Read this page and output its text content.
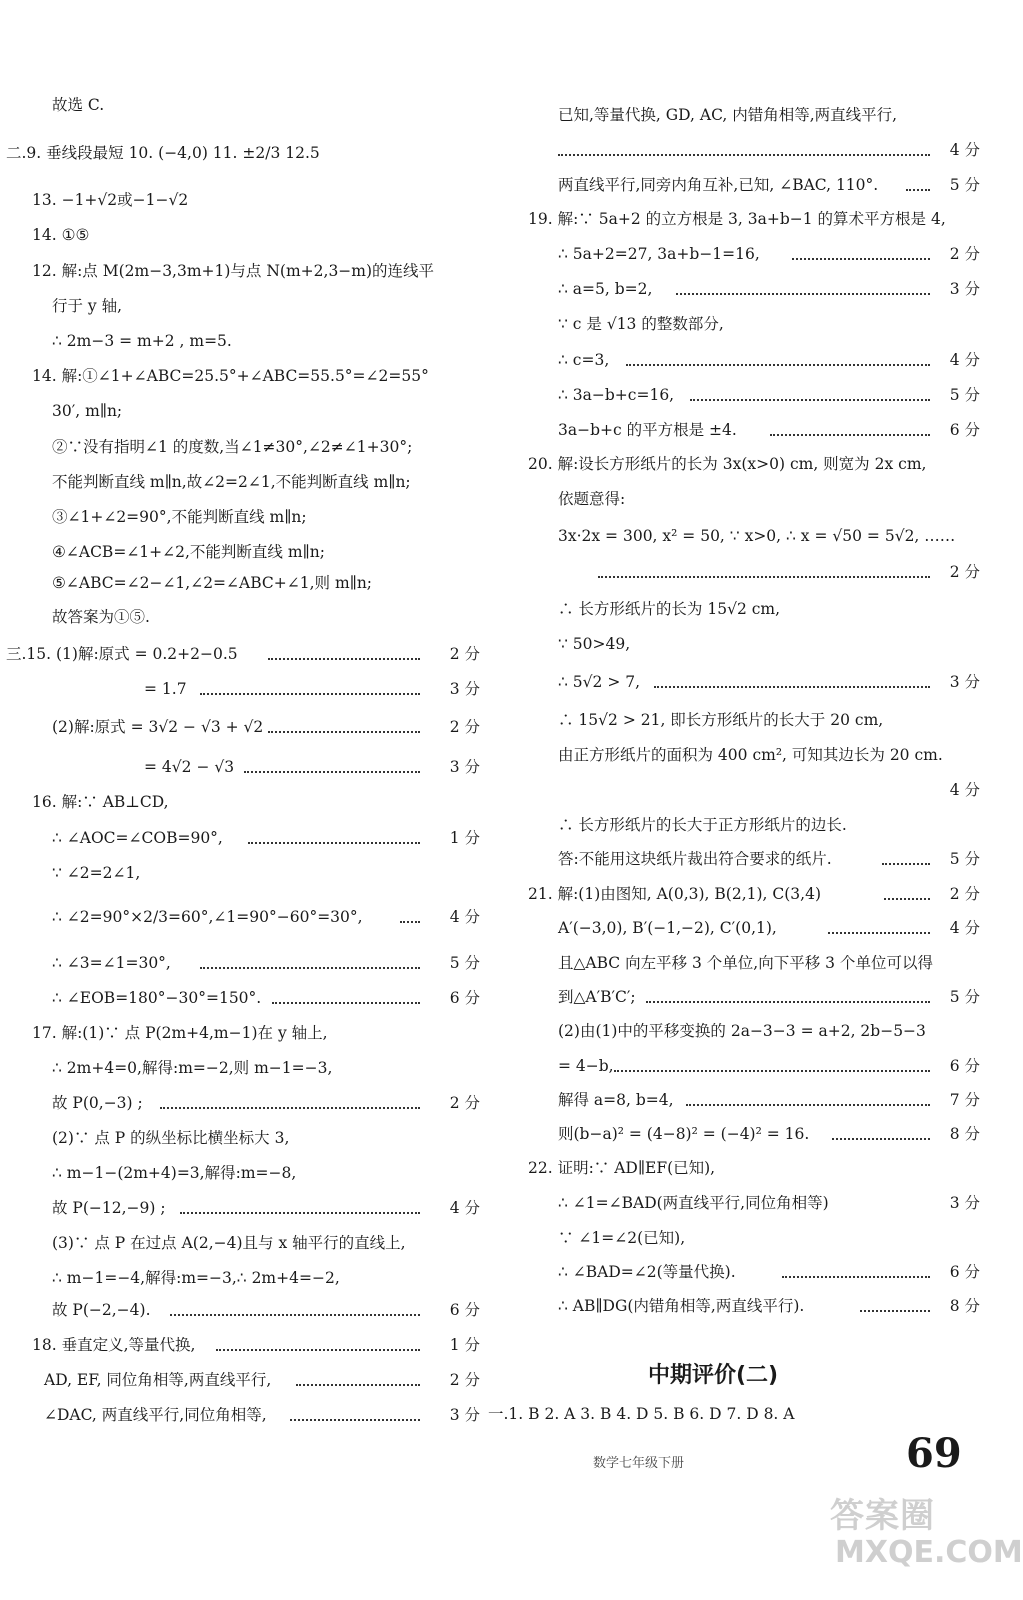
故选 C.
二.9. 垂线段最短 10. (−4,0) 11. ±2/3 12.5
13. −1+√2或−1−√2
14. ①⑤
12. 解:点 M(2m−3,3m+1)与点 N(m+2,3−m)的连线平
行于 y 轴,
∴ 2m−3 = m+2 , m=5.
14. 解:①∠1+∠ABC=25.5°+∠ABC=55.5°=∠2=55°
30′, m∥n;
②∵没有指明∠1 的度数,当∠1≠30°,∠2≠∠1+30°;
不能判断直线 m∥n,故∠2=2∠1,不能判断直线 m∥n;
③∠1+∠2=90°,不能判断直线 m∥n;
④∠ACB=∠1+∠2,不能判断直线 m∥n;
⑤∠ABC=∠2−∠1,∠2=∠ABC+∠1,则 m∥n;
故答案为①⑤.
三.15. (1)解:原式 = 0.2+2−0.5	2 分
= 1.7	3 分
(2)解:原式 = 3√2 − √3 + √2	2 分
= 4√2 − √3	3 分
16. 解:∵ AB⊥CD,
∴ ∠AOC=∠COB=90°,	1 分
∵ ∠2=2∠1,
∴ ∠2=90°×2/3=60°,∠1=90°−60°=30°,	4 分
∴ ∠3=∠1=30°,	5 分
∴ ∠EOB=180°−30°=150°.	6 分
17. 解:(1)∵ 点 P(2m+4,m−1)在 y 轴上,
∴ 2m+4=0,解得:m=−2,则 m−1=−3,
故 P(0,−3) ;	2 分
(2)∵ 点 P 的纵坐标比横坐标大 3,
∴ m−1−(2m+4)=3,解得:m=−8,
故 P(−12,−9) ;	4 分
(3)∵ 点 P 在过点 A(2,−4)且与 x 轴平行的直线上,
∴ m−1=−4,解得:m=−3,∴ 2m+4=−2,
故 P(−2,−4).	6 分
18. 垂直定义,等量代换,	1 分
AD, EF, 同位角相等,两直线平行,	2 分
∠DAC, 两直线平行,同位角相等,	3 分
已知,等量代换, GD, AC, 内错角相等,两直线平行,
4 分
两直线平行,同旁内角互补,已知, ∠BAC, 110°.	5 分
19. 解:∵ 5a+2 的立方根是 3, 3a+b−1 的算术平方根是 4,
∴ 5a+2=27, 3a+b−1=16,	2 分
∴ a=5, b=2,	3 分
∵ c 是 √13 的整数部分,
∴ c=3,	4 分
∴ 3a−b+c=16,	5 分
3a−b+c 的平方根是 ±4.	6 分
20. 解:设长方形纸片的长为 3x(x>0) cm, 则宽为 2x cm,
依题意得:
3x·2x = 300, x² = 50, ∵ x>0, ∴ x = √50 = 5√2, ……
2 分
∴ 长方形纸片的长为 15√2 cm,
∵ 50>49,
∴ 5√2 > 7,	3 分
∴ 15√2 > 21, 即长方形纸片的长大于 20 cm,
由正方形纸片的面积为 400 cm², 可知其边长为 20 cm.
4 分
∴ 长方形纸片的长大于正方形纸片的边长.
答:不能用这块纸片裁出符合要求的纸片.	5 分
21. 解:(1)由图知, A(0,3), B(2,1), C(3,4)	2 分
A′(−3,0), B′(−1,−2), C′(0,1),	4 分
且△ABC 向左平移 3 个单位,向下平移 3 个单位可以得
到△A′B′C′;	5 分
(2)由(1)中的平移变换的 2a−3−3 = a+2, 2b−5−3
= 4−b,	6 分
解得 a=8, b=4,	7 分
则(b−a)² = (4−8)² = (−4)² = 16.	8 分
22. 证明:∵ AD∥EF(已知),
∴ ∠1=∠BAD(两直线平行,同位角相等)	3 分
∵ ∠1=∠2(已知),
∴ ∠BAD=∠2(等量代换).	6 分
∴ AB∥DG(内错角相等,两直线平行).	8 分
中期评价(二)
一.1. B 2. A 3. B 4. D 5. B 6. D 7. D 8. A
数学七年级下册	69
答案圈
MXQE.COM
